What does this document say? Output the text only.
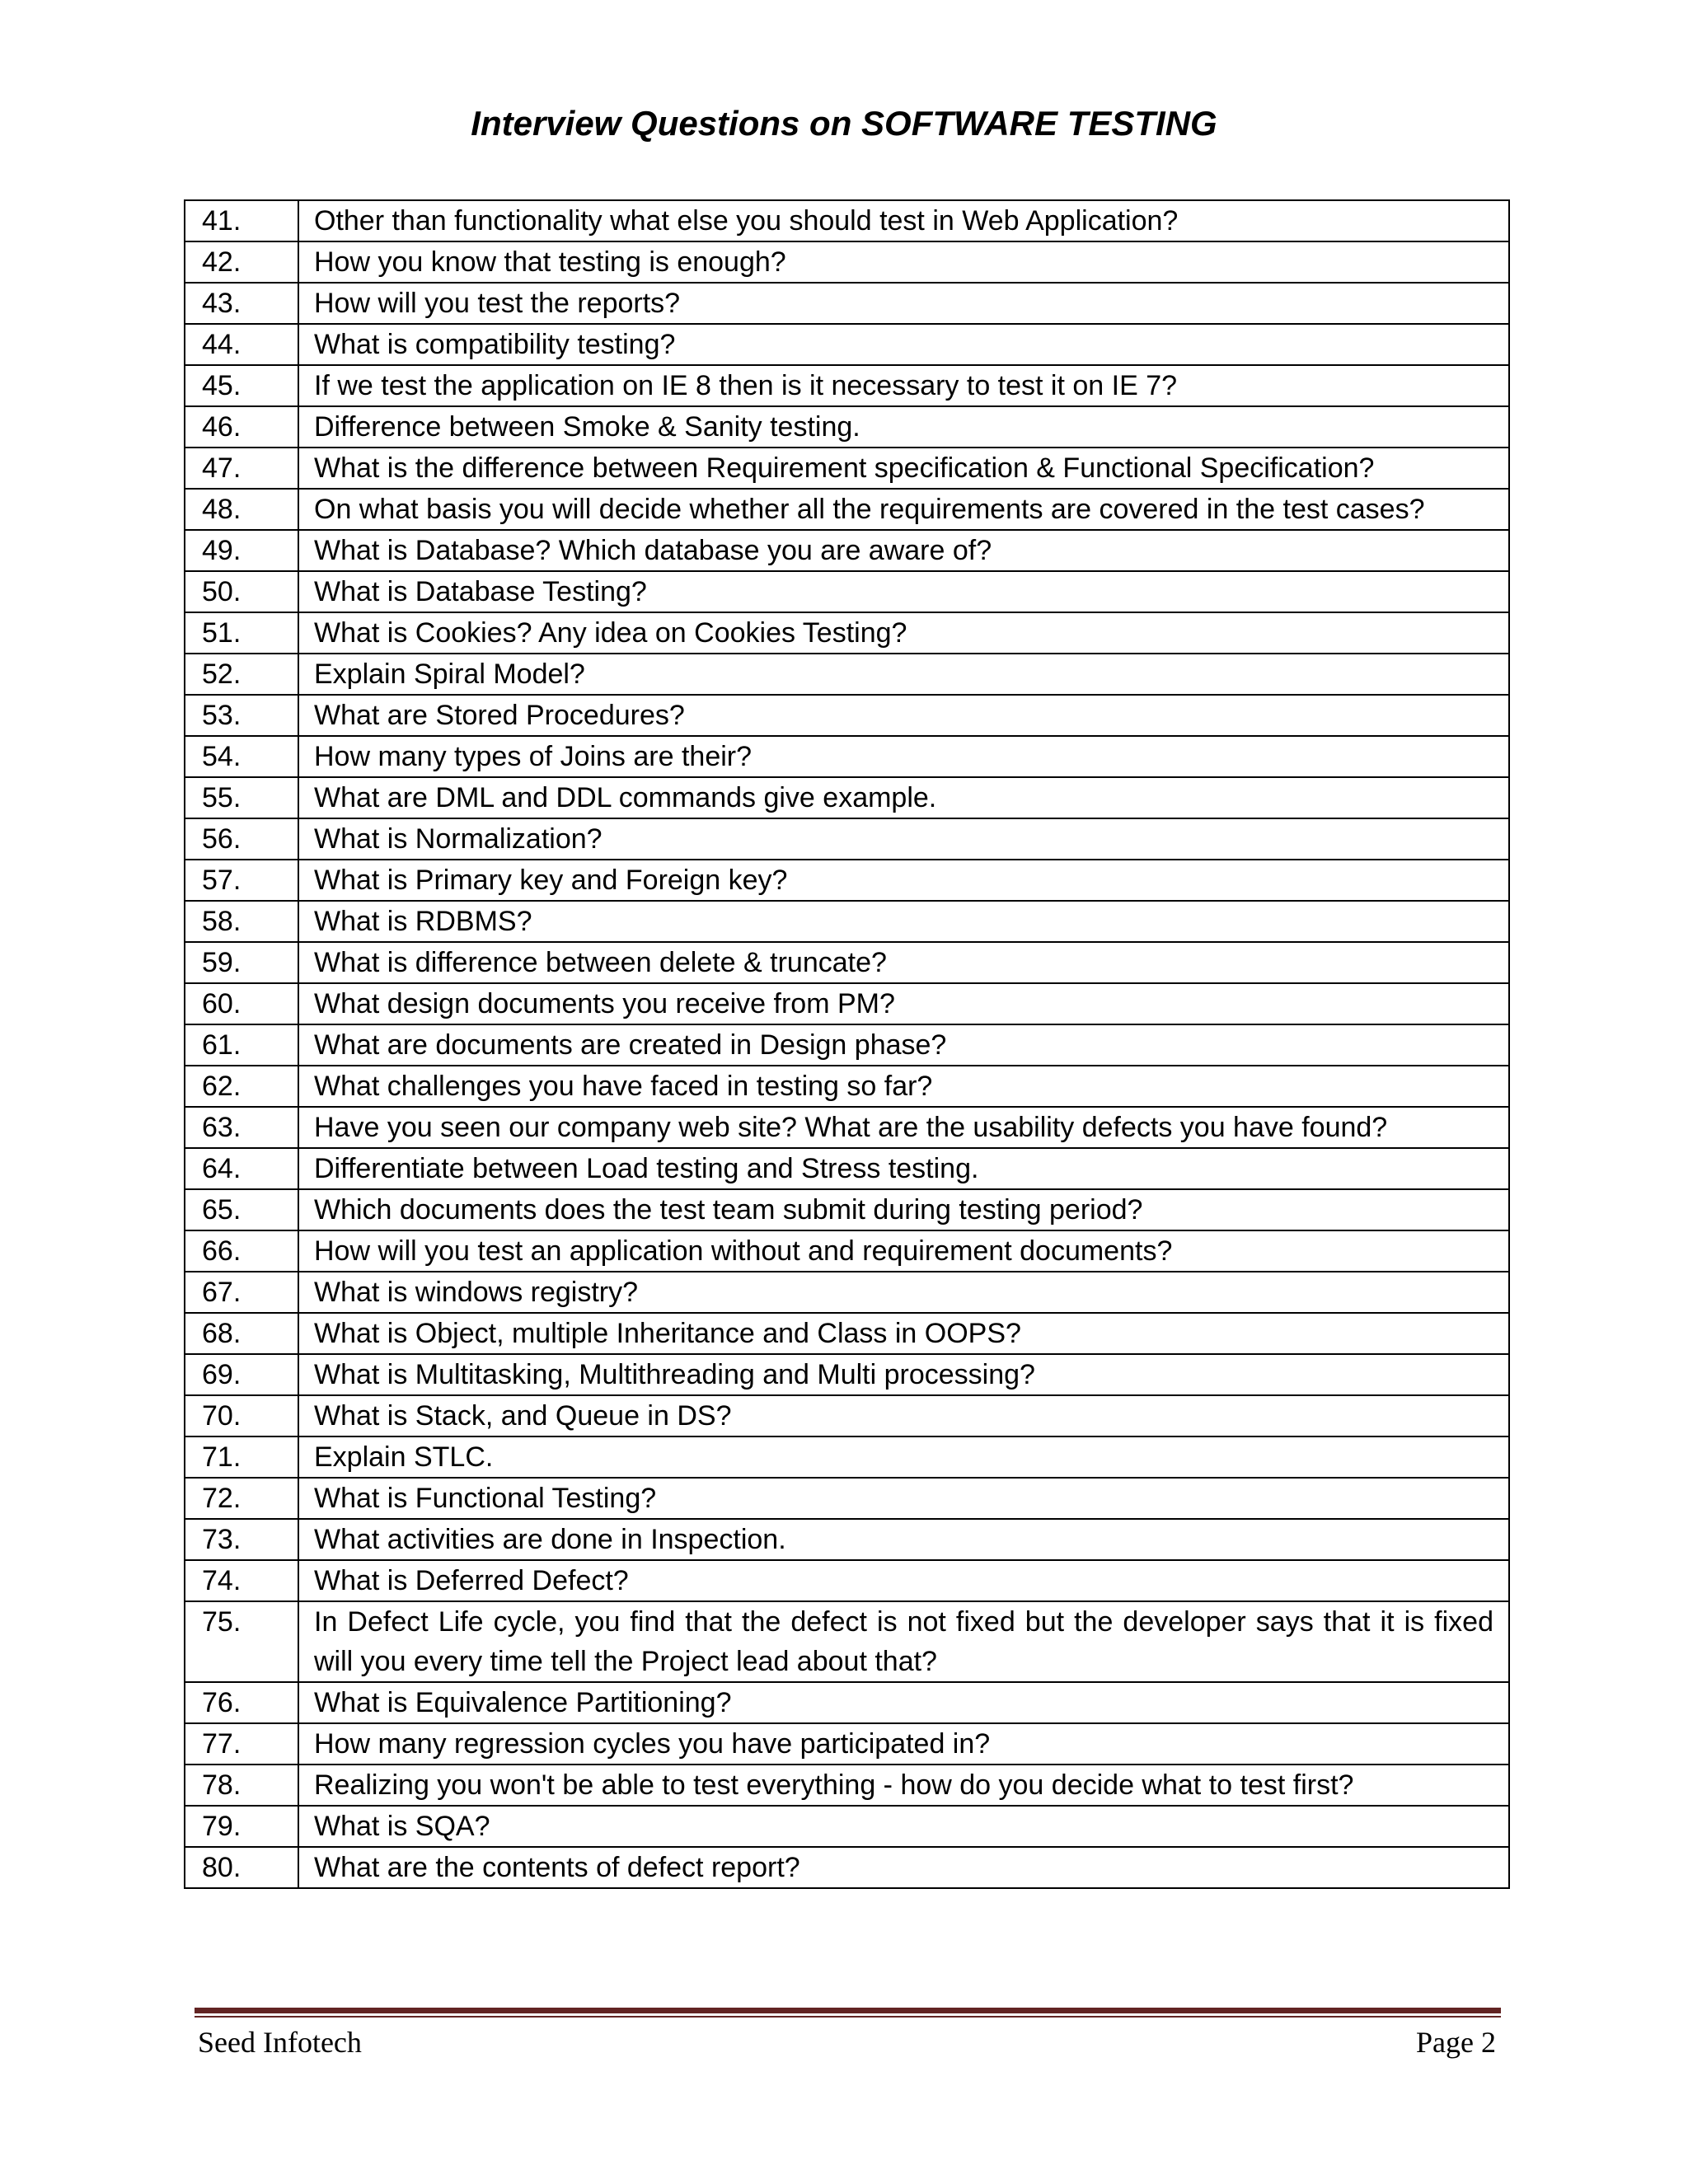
Interview Questions on SOFTWARE TESTING
41.	Other than functionality what else you should test in Web Application?
42.	How you know that testing is enough?
43.	How will you test the reports?
44.	What is compatibility testing?
45.	If we test the application on IE 8 then is it necessary to test it on IE 7?
46.	Difference between Smoke & Sanity testing.
47.	What is the difference between Requirement specification & Functional Specification?
48.	On what basis you will decide whether all the requirements are covered in the test cases?
49.	What is Database? Which database you are aware of?
50.	What is Database Testing?
51.	What is Cookies? Any idea on Cookies Testing?
52.	Explain Spiral Model?
53.	What are Stored Procedures?
54.	How many types of Joins are their?
55.	What are DML and DDL commands give example.
56.	What is Normalization?
57.	What is Primary key and Foreign key?
58.	What is RDBMS?
59.	What is difference between delete & truncate?
60.	What design documents you receive from PM?
61.	What are documents are created in Design phase?
62.	What challenges you have faced in testing so far?
63.	Have you seen our company web site? What are the usability defects you have found?
64.	Differentiate between Load testing and Stress testing.
65.	Which documents does the test team submit during testing period?
66.	How will you test an application without and requirement documents?
67.	What is windows registry?
68.	What is Object, multiple Inheritance and Class in OOPS?
69.	What is Multitasking, Multithreading and Multi processing?
70.	What is Stack, and Queue in DS?
71.	Explain STLC.
72.	What is Functional Testing?
73.	What activities are done in Inspection.
74.	What is Deferred Defect?
75.	In Defect Life cycle, you find that the defect is not fixed but the developer says that it is fixed will you every time tell the Project lead about that?
76.	What is Equivalence Partitioning?
77.	How many regression cycles you have participated in?
78.	Realizing you won't be able to test everything - how do you decide what to test first?
79.	What is SQA?
80.	What are the contents of defect report?
Seed Infotech	Page 2
